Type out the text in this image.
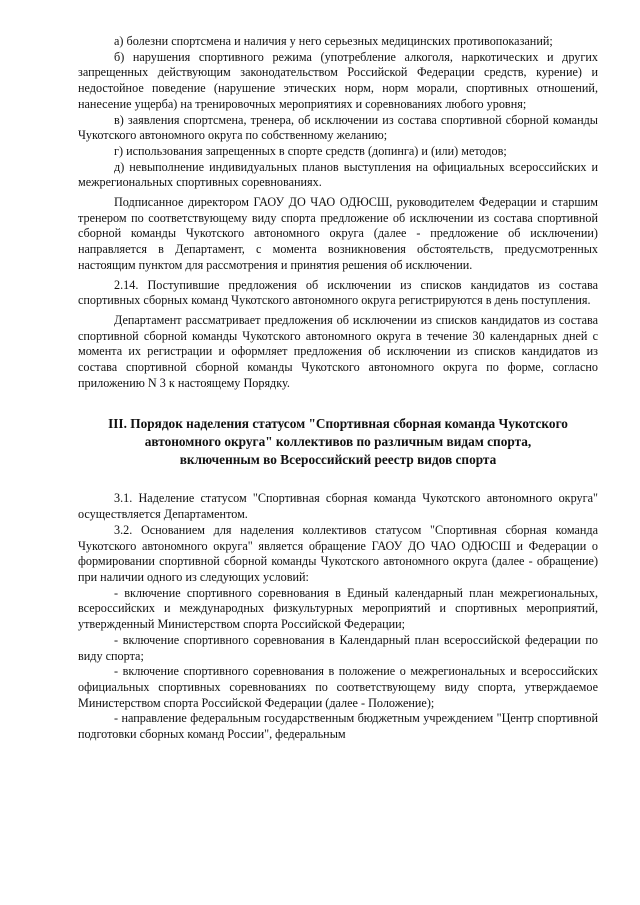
а) болезни спортсмена и наличия у него серьезных медицинских противопоказаний;

б) нарушения спортивного режима (употребление алкоголя, наркотических и других запрещенных действующим законодательством Российской Федерации средств, курение) и недостойное поведение (нарушение этических норм, норм морали, спортивных отношений, нанесение ущерба) на тренировочных мероприятиях и соревнованиях любого уровня;

в) заявления спортсмена, тренера, об исключении из состава спортивной сборной команды Чукотского автономного округа по собственному желанию;

г) использования запрещенных в спорте средств (допинга) и (или) методов;

д) невыполнение индивидуальных планов выступления на официальных всероссийских и межрегиональных спортивных соревнованиях.

Подписанное директором ГАОУ ДО ЧАО ОДЮСШ, руководителем Федерации и старшим тренером по соответствующему виду спорта предложение об исключении из состава спортивной сборной команды Чукотского автономного округа (далее - предложение об исключении) направляется в Департамент, с момента возникновения обстоятельств, предусмотренных настоящим пунктом для рассмотрения и принятия решения об исключении.

2.14. Поступившие предложения об исключении из списков кандидатов из состава спортивных сборных команд Чукотского автономного округа регистрируются в день поступления.

Департамент рассматривает предложения об исключении из списков кандидатов из состава спортивной сборной команды Чукотского автономного округа в течение 30 календарных дней с момента их регистрации и оформляет предложения об исключении из списков кандидатов из состава спортивной сборной команды Чукотского автономного округа по форме, согласно приложению N 3 к настоящему Порядку.

III. Порядок наделения статусом "Спортивная сборная команда Чукотского
автономного округа" коллективов по различным видам спорта,
включенным во Всероссийский реестр видов спорта

3.1. Наделение статусом "Спортивная сборная команда Чукотского автономного округа" осуществляется Департаментом.

3.2. Основанием для наделения коллективов статусом "Спортивная сборная команда Чукотского автономного округа" является обращение ГАОУ ДО ЧАО ОДЮСШ и Федерации о формировании спортивной сборной команды Чукотского автономного округа (далее - обращение) при наличии одного из следующих условий:

- включение спортивного соревнования в Единый календарный план межрегиональных, всероссийских и международных физкультурных мероприятий и спортивных мероприятий, утвержденный Министерством спорта Российской Федерации;

- включение спортивного соревнования в Календарный план всероссийской федерации по виду спорта;

- включение спортивного соревнования в положение о межрегиональных и всероссийских официальных спортивных соревнованиях по соответствующему виду спорта, утверждаемое Министерством спорта Российской Федерации (далее - Положение);

- направление федеральным государственным бюджетным учреждением "Центр спортивной подготовки сборных команд России", федеральным
